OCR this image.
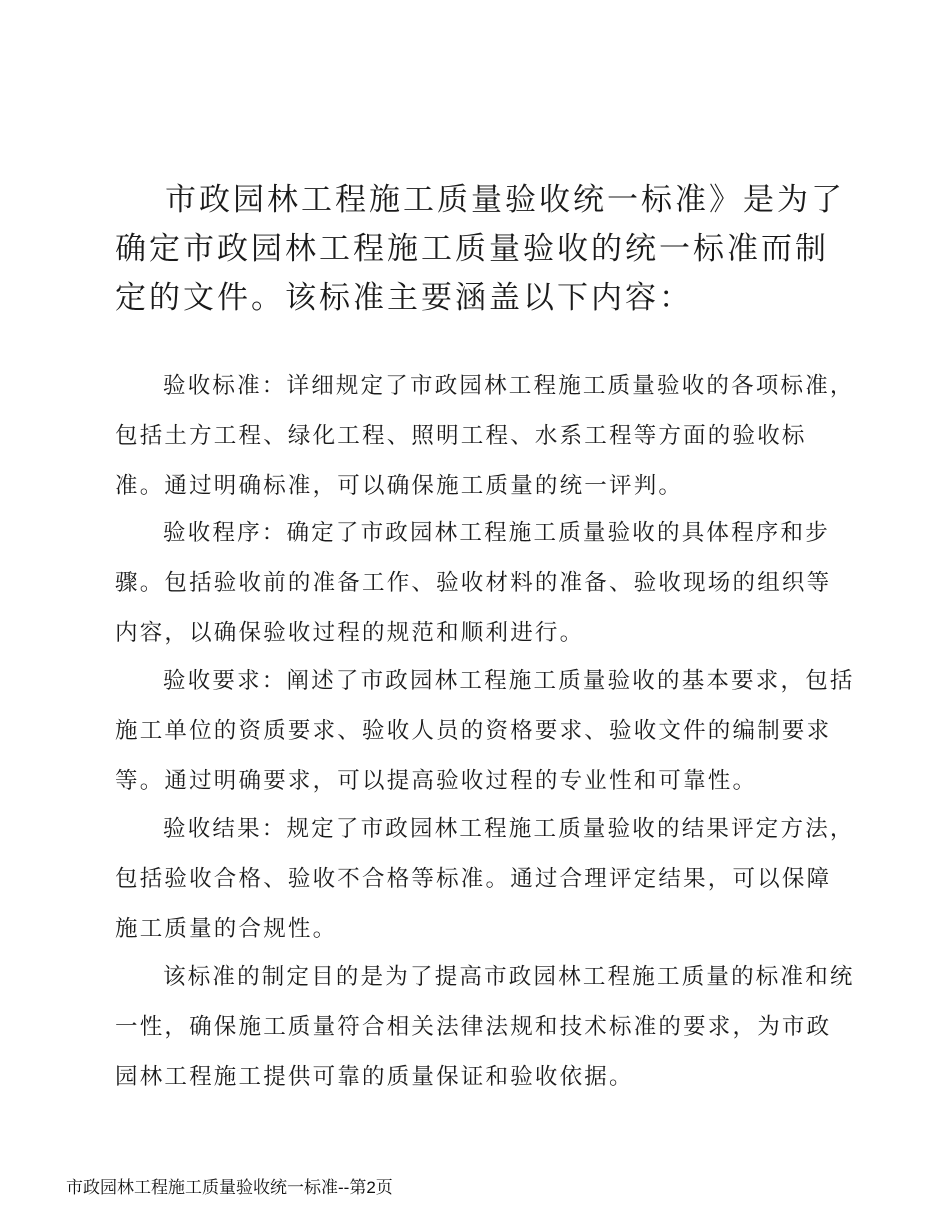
市政园林工程施工质量验收统一标准》是为了确定市政园林工程施工质量验收的统一标准而制定的文件。该标准主要涵盖以下内容：

验收标准：详细规定了市政园林工程施工质量验收的各项标准，包括土方工程、绿化工程、照明工程、水系工程等方面的验收标准。通过明确标准，可以确保施工质量的统一评判。

验收程序：确定了市政园林工程施工质量验收的具体程序和步骤。包括验收前的准备工作、验收材料的准备、验收现场的组织等内容，以确保验收过程的规范和顺利进行。

验收要求：阐述了市政园林工程施工质量验收的基本要求，包括施工单位的资质要求、验收人员的资格要求、验收文件的编制要求等。通过明确要求，可以提高验收过程的专业性和可靠性。

验收结果：规定了市政园林工程施工质量验收的结果评定方法，包括验收合格、验收不合格等标准。通过合理评定结果，可以保障施工质量的合规性。

该标准的制定目的是为了提高市政园林工程施工质量的标准和统一性，确保施工质量符合相关法律法规和技术标准的要求，为市政园林工程施工提供可靠的质量保证和验收依据。

市政园林工程施工质量验收统一标准--第2页
